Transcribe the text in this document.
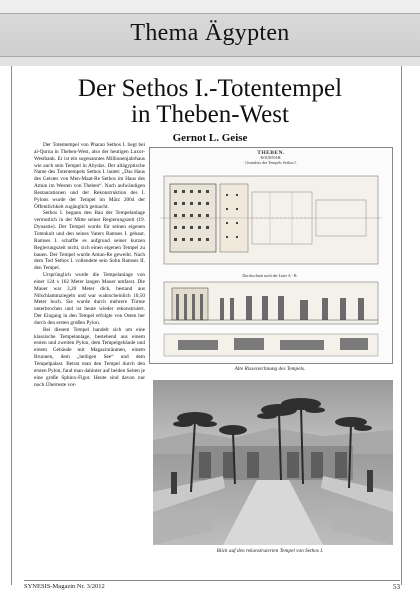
Thema Ägypten
Der Sethos I.-Totentempel
in Theben-West
Gernot L. Geise

Der Totentempel von Pharao Sethos I. liegt bei al-Qurna in Theben-West, also der heutigen Luxor-Westbank. Er ist ein sogenanntes Millionenjahrhaus wie auch sein Tempel in Abydos. Der altägyptische Name des Totentempels Sethos I. lautet: „Das Haus des Geistes von Men-Maat-Re Sethos im Haus des Amun im Westen von Theben“. Nach aufwändigen Restaurationen und der Rekonstruktion des I. Pylons wurde der Tempel im März 2004 der Öffentlichkeit zugänglich gemacht.

Sethos I. begann den Bau der Tempelanlage vermutlich in der Mitte seiner Regierungszeit (19. Dynastie). Der Tempel wurde für seinen eigenen Totenkult und den seines Vaters Ramses I. gebaut. Ramses I. schaffte es aufgrund seiner kurzen Regierungszeit nicht, sich einen eigenen Tempel zu bauen. Der Tempel wurde Amun-Re geweiht. Nach dem Tod Sethos I. vollendete sein Sohn Ramses II. den Tempel.

Ursprünglich wurde die Tempelanlage von einer 124 x 162 Meter langen Mauer umfasst. Die Mauer war 3,20 Meter dick, bestand aus Nilschlammziegeln und war wahrscheinlich 10,50 Meter hoch. Sie wurde durch mehrere Türme unterbrochen und ist heute wieder rekonstruiert. Der Eingang in den Tempel erfolgte von Osten her durch den ersten großen Pylon.

Bei diesem Tempel handelt sich um eine klassische Tempelanlage, bestehend aus einem ersten und zweiten Pylon, dem Tempelgebäude und einem Gebäude mit Magazinräumen, einem Brunnen, dem „heiligen See“ und dem Tempelpalast. Betrat man den Tempel durch den ersten Pylon, fand man dahinter auf beiden Seiten je eine große Sphinx-Figur. Heute sind davon nur noch Überreste vor-

THEBEN.
KOURNAH.
Grundriss des Tempels Sethos I.
Durchschnitt nach der Linie A - B.
Alte Rissezeichnung des Tempels.
Blick auf den rekonstruierten Tempel von Sethos I.
SYNESIS-Magazin Nr. 3/2012	53
